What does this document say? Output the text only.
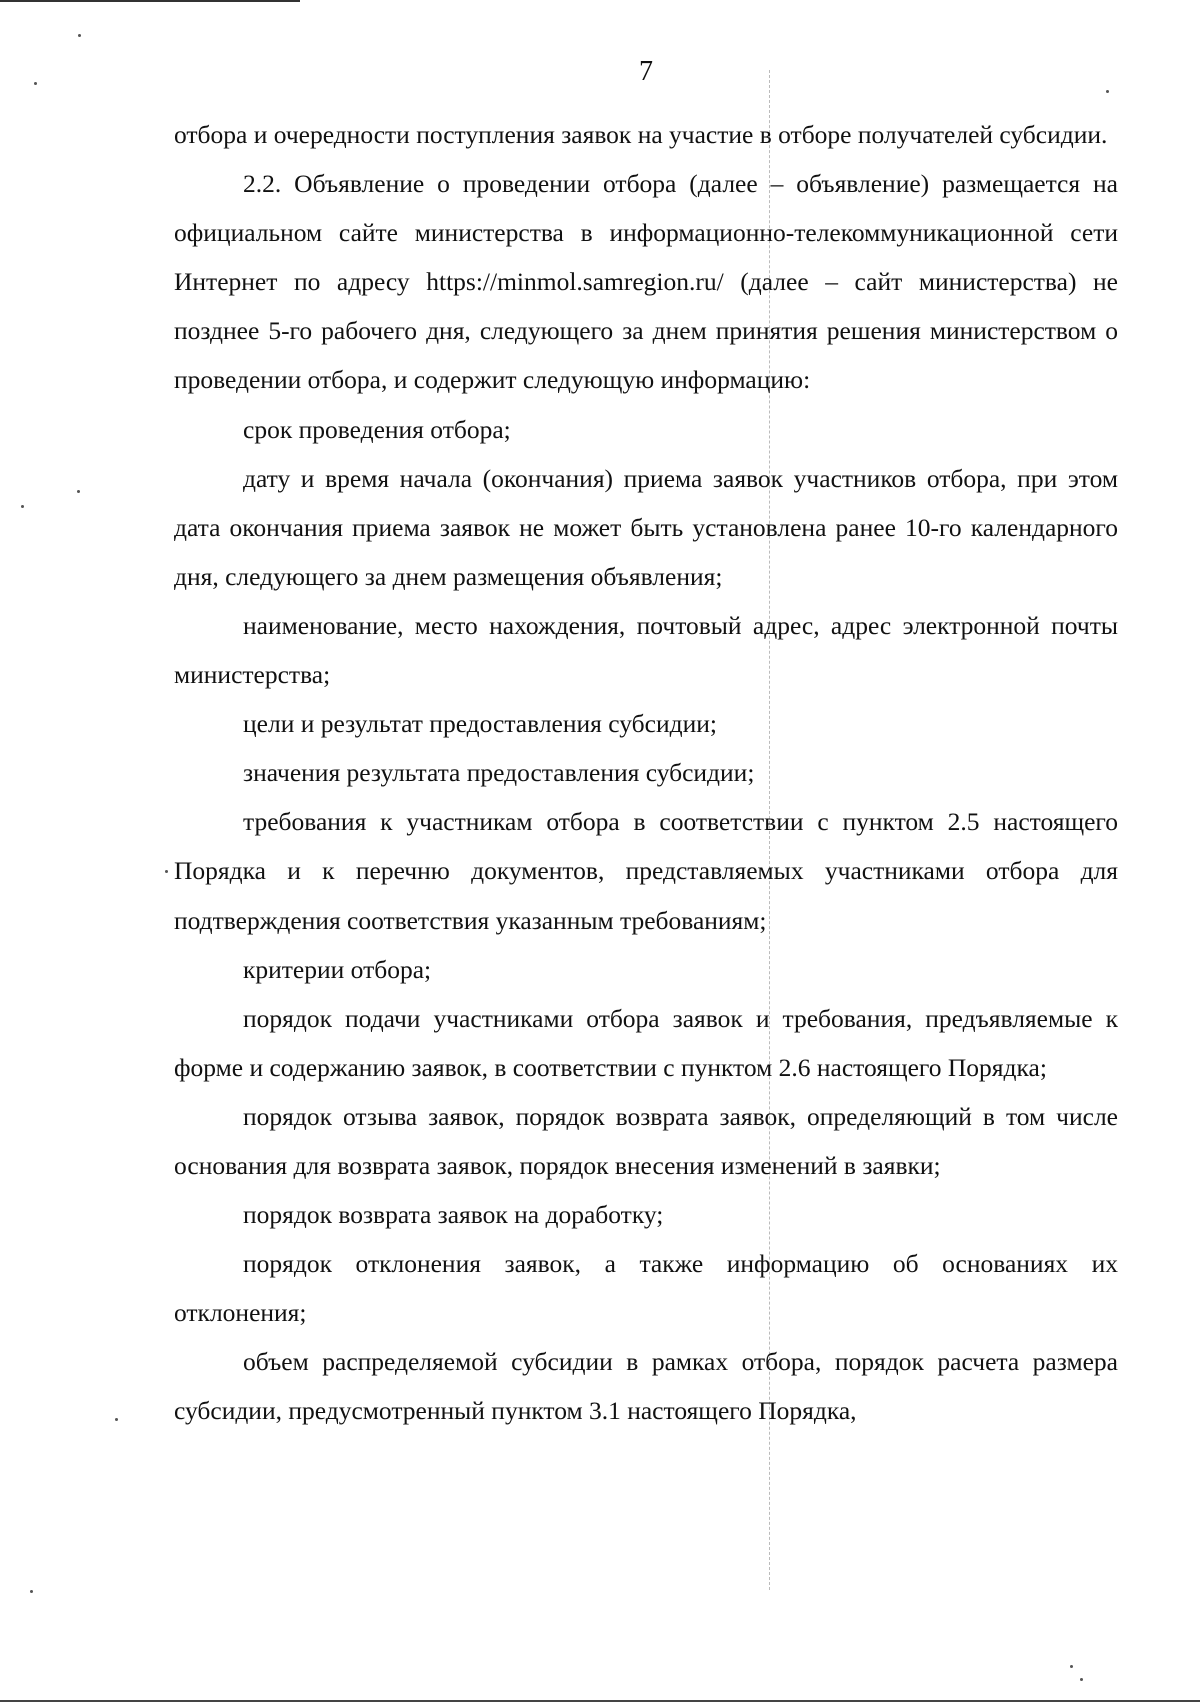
7

отбора и очередности поступления заявок на участие в отборе получателей субсидии.

2.2. Объявление о проведении отбора (далее – объявление) размещается на официальном сайте министерства в информационно-телекоммуникационной сети Интернет по адресу https://minmol.samregion.ru/ (далее – сайт министерства) не позднее 5-го рабочего дня, следующего за днем принятия решения министерством о проведении отбора, и содержит следующую информацию:

срок проведения отбора;

дату и время начала (окончания) приема заявок участников отбора, при этом дата окончания приема заявок не может быть установлена ранее 10-го календарного дня, следующего за днем размещения объявления;

наименование, место нахождения, почтовый адрес, адрес электронной почты министерства;

цели и результат предоставления субсидии;

значения результата предоставления субсидии;

требования к участникам отбора в соответствии с пунктом 2.5 настоящего Порядка и к перечню документов, представляемых участниками отбора для подтверждения соответствия указанным требованиям;

критерии отбора;

порядок подачи участниками отбора заявок и требования, предъявляемые к форме и содержанию заявок, в соответствии с пунктом 2.6 настоящего Порядка;

порядок отзыва заявок, порядок возврата заявок, определяющий в том числе основания для возврата заявок, порядок внесения изменений в заявки;

порядок возврата заявок на доработку;

порядок отклонения заявок, а также информацию об основаниях их отклонения;

объем распределяемой субсидии в рамках отбора, порядок расчета размера субсидии, предусмотренный пунктом 3.1 настоящего Порядка,
